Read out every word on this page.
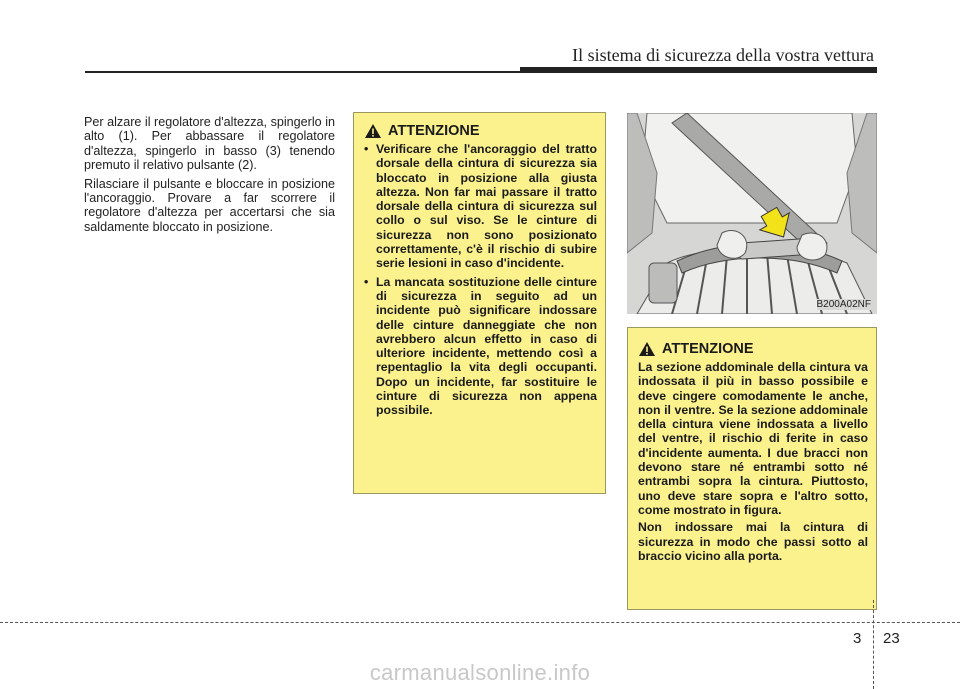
Il sistema di sicurezza della vostra vettura

Per alzare il regolatore d'altezza, spingerlo in alto (1). Per abbassare il regolatore d'altezza, spingerlo in basso (3) tenendo premuto il relativo pulsante (2).

Rilasciare il pulsante e bloccare in posizione l'ancoraggio. Provare a far scorrere il regolatore d'altezza per accertarsi che sia saldamente bloccato in posizione.

ATTENZIONE
• Verificare che l'ancoraggio del tratto dorsale della cintura di sicurezza sia bloccato in posizione alla giusta altezza. Non far mai passare il tratto dorsale della cintura di sicurezza sul collo o sul viso. Se le cinture di sicurezza non sono posizionato correttamente, c'è il rischio di subire serie lesioni in caso d'incidente.
• La mancata sostituzione delle cinture di sicurezza in seguito ad un incidente può significare indossare delle cinture danneggiate che non avrebbero alcun effetto in caso di ulteriore incidente, mettendo così a repentaglio la vita degli occupanti. Dopo un incidente, far sostituire le cinture di sicurezza non appena possibile.
B200A02NF
ATTENZIONE

La sezione addominale della cintura va indossata il più in basso possibile e deve cingere comodamente le anche, non il ventre. Se la sezione addominale della cintura viene indossata a livello del ventre, il rischio di ferite in caso d'incidente aumenta. I due bracci non devono stare né entrambi sotto né entrambi sopra la cintura. Piuttosto, uno deve stare sopra e l'altro sotto, come mostrato in figura.

Non indossare mai la cintura di sicurezza in modo che passi sotto al braccio vicino alla porta.

3 23
carmanualsonline.info
